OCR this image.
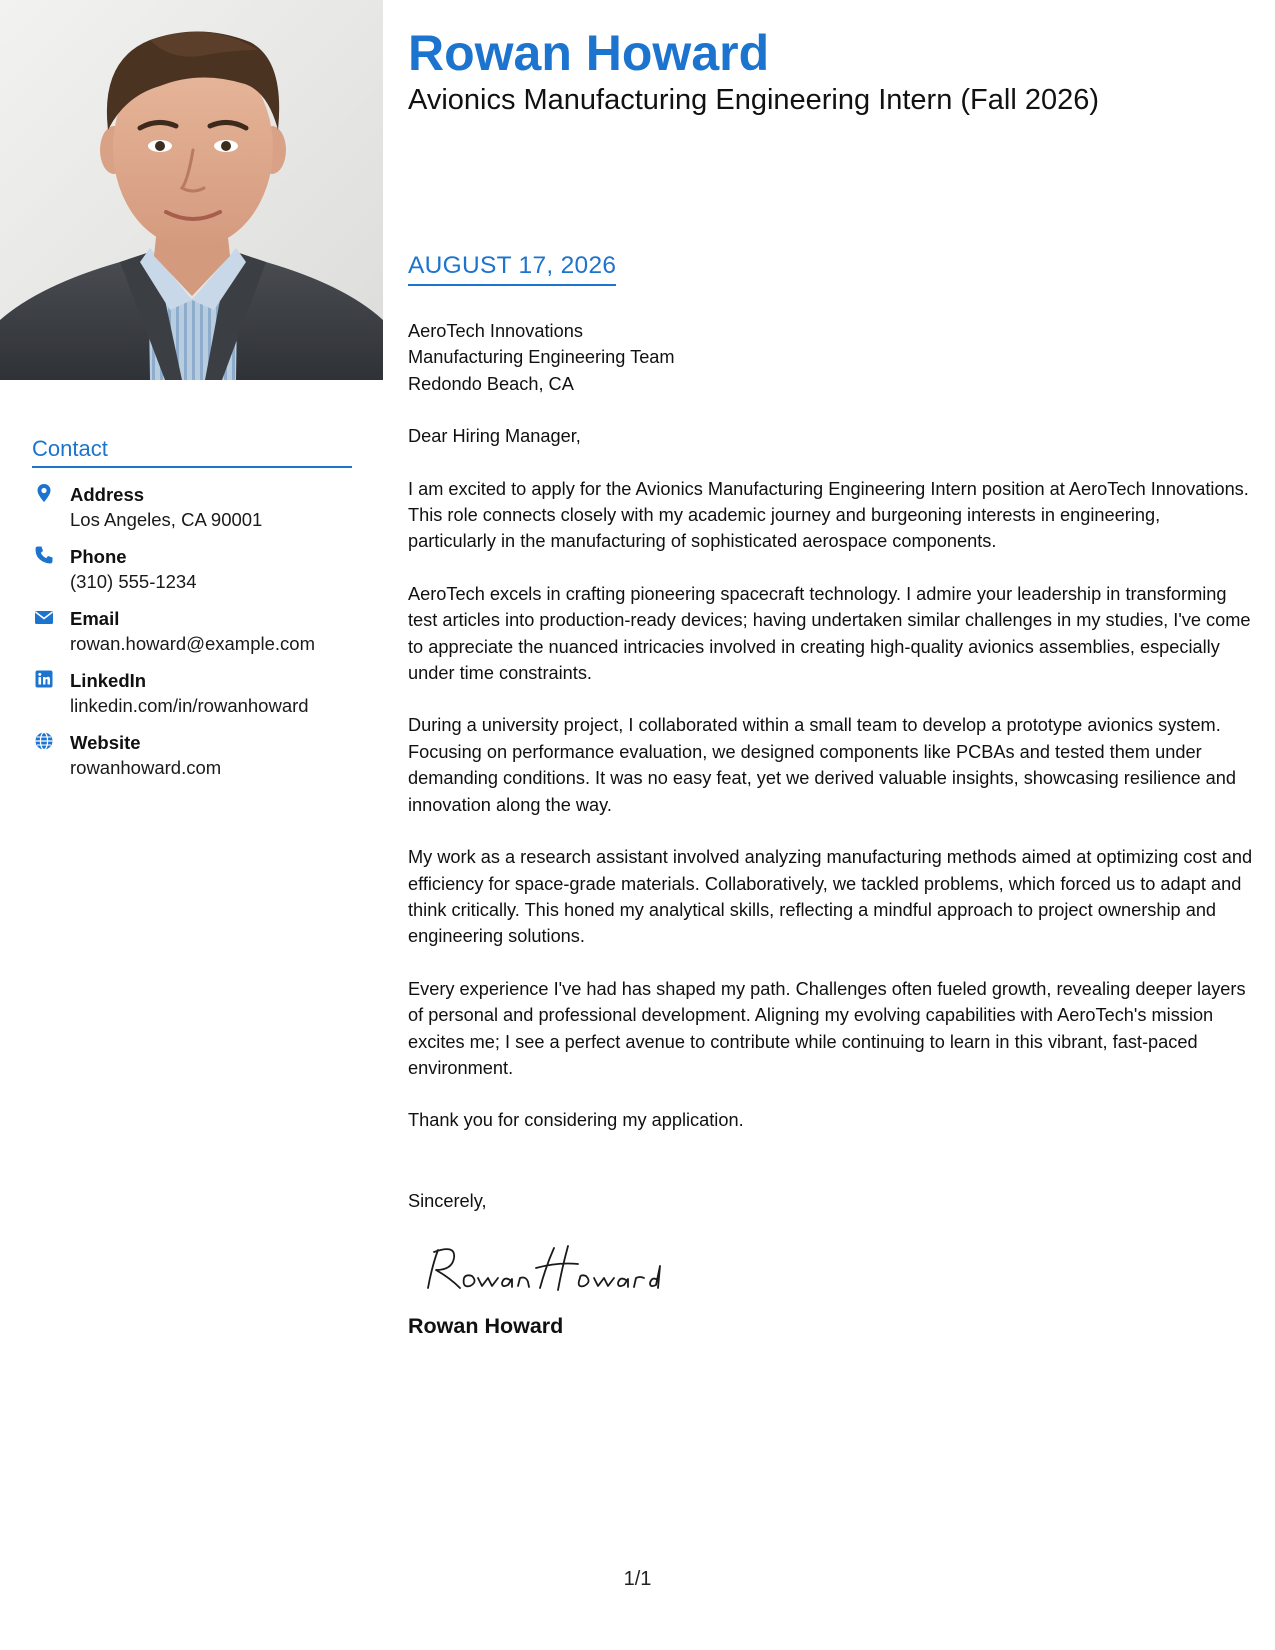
Contact
Address
Los Angeles, CA 90001
Phone
(310) 555-1234
Email
rowan.howard@example.com
LinkedIn
linkedin.com/in/rowanhoward
Website
rowanhoward.com
Rowan Howard
Avionics Manufacturing Engineering Intern (Fall 2026)
AUGUST 17, 2026
AeroTech Innovations
Manufacturing Engineering Team
Redondo Beach, CA

Dear Hiring Manager,

I am excited to apply for the Avionics Manufacturing Engineering Intern position at AeroTech Innovations. This role connects closely with my academic journey and burgeoning interests in engineering, particularly in the manufacturing of sophisticated aerospace components.

AeroTech excels in crafting pioneering spacecraft technology. I admire your leadership in transforming test articles into production-ready devices; having undertaken similar challenges in my studies, I've come to appreciate the nuanced intricacies involved in creating high-quality avionics assemblies, especially under time constraints.

During a university project, I collaborated within a small team to develop a prototype avionics system. Focusing on performance evaluation, we designed components like PCBAs and tested them under demanding conditions. It was no easy feat, yet we derived valuable insights, showcasing resilience and innovation along the way.

My work as a research assistant involved analyzing manufacturing methods aimed at optimizing cost and efficiency for space-grade materials. Collaboratively, we tackled problems, which forced us to adapt and think critically. This honed my analytical skills, reflecting a mindful approach to project ownership and engineering solutions.

Every experience I've had has shaped my path. Challenges often fueled growth, revealing deeper layers of personal and professional development. Aligning my evolving capabilities with AeroTech's mission excites me; I see a perfect avenue to contribute while continuing to learn in this vibrant, fast-paced environment.

Thank you for considering my application.

Sincerely,
Rowan Howard
1/1
